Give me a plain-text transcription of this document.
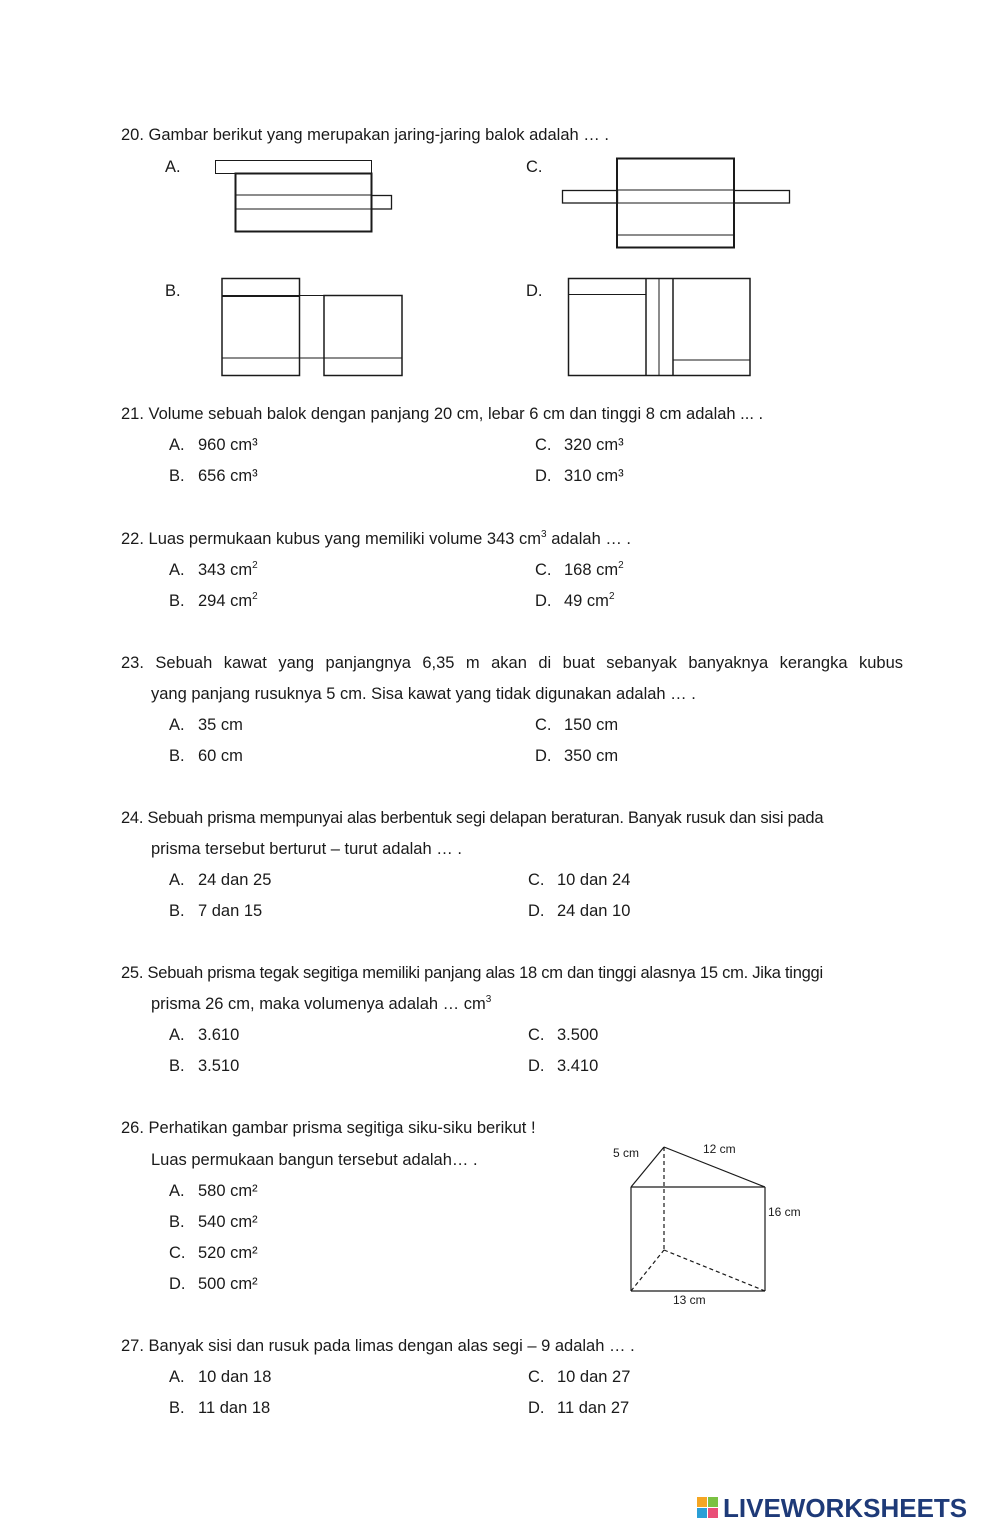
20. Gambar berikut yang merupakan jaring-jaring balok adalah … .
A.	C.
B.	D.
21. Volume sebuah balok dengan panjang 20 cm, lebar 6 cm dan tinggi 8 cm adalah ... .
A. 960 cm³
B. 656 cm³
C. 320 cm³
D. 310 cm³
22. Luas permukaan kubus yang memiliki volume 343 $cm^3$ adalah … .
A. 343 $cm^2$
B. 294 $cm^2$
C. 168 $cm^2$
D. 49 $cm^2$
23. Sebuah kawat yang panjangnya 6,35 m akan di buat sebanyak banyaknya kerangka kubus
yang panjang rusuknya 5 cm. Sisa kawat yang tidak digunakan adalah … .
A. 35 cm
B. 60 cm
C. 150 cm
D. 350 cm
24. Sebuah prisma mempunyai alas berbentuk segi delapan beraturan. Banyak rusuk dan sisi pada
prisma tersebut berturut – turut adalah … .
A. 24 dan 25
B. 7 dan 15
C. 10 dan 24
D. 24 dan 10
25. Sebuah prisma tegak segitiga memiliki panjang alas 18 cm dan tinggi alasnya 15 cm. Jika tinggi
prisma 26 cm, maka volumenya adalah … $cm^3$
A. 3.610
B. 3.510
C. 3.500
D. 3.410
26. Perhatikan gambar prisma segitiga siku-siku berikut !
Luas permukaan bangun tersebut adalah… .
A. 580 cm²
B. 540 cm²
C. 520 cm²
D. 500 cm²
5 cm	12 cm
16 cm
13 cm
27. Banyak sisi dan rusuk pada limas dengan alas segi – 9 adalah … .
A. 10 dan 18
B. 11 dan 18
C. 10 dan 27
D. 11 dan 27
LIVEWORKSHEETS
